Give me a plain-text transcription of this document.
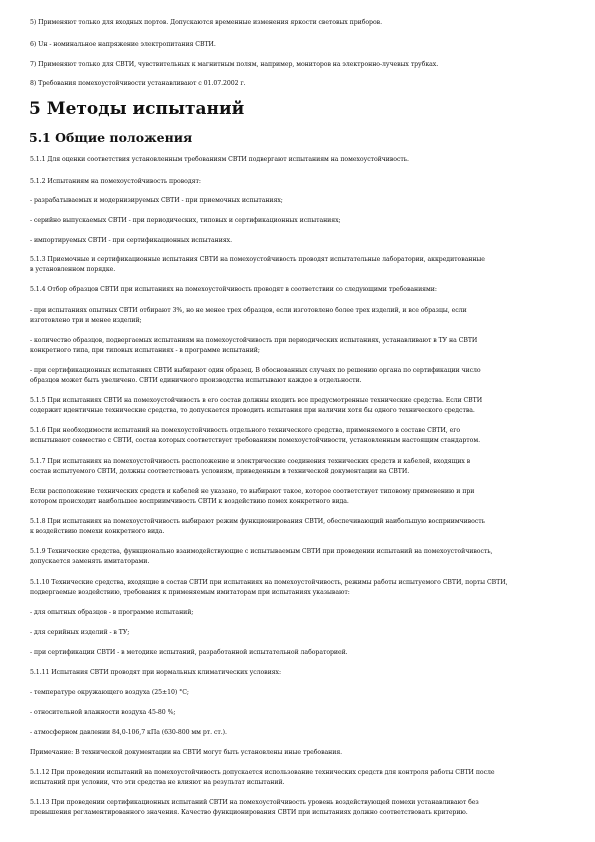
5) Применяют только для входных портов. Допускаются временные изменения яркости световых приборов.
6) Uн - номинальное напряжение электропитания СВТИ.
7) Применяют только для СВТИ, чувствительных к магнитным полям, например, мониторов на электронно-лучевых трубках.
8) Требования помехоустойчивости устанавливают с 01.07.2002 г.
5 Методы испытаний
5.1 Общие положения
5.1.1 Для оценки соответствия установленным требованиям СВТИ подвергают испытаниям на помехоустойчивость.
5.1.2 Испытаниям на помехоустойчивость проводят:
- разрабатываемых и модернизируемых СВТИ - при приемочных испытаниях;
- серийно выпускаемых СВТИ - при периодических, типовых и сертификационных испытаниях;
- импортируемых СВТИ - при сертификационных испытаниях.
5.1.3 Приемочные и сертификационные испытания СВТИ на помехоустойчивость проводят испытательные лаборатории, аккредитованные
в установленном порядке.
5.1.4 Отбор образцов СВТИ при испытаниях на помехоустойчивость проводят в соответствии со следующими требованиями:
- при испытаниях опытных СВТИ отбирают 3%, но не менее трех образцов, если изготовлено более трех изделий, и все образцы, если
изготовлено три и менее изделий;
- количество образцов, подвергаемых испытаниям на помехоустойчивость при периодических испытаниях, устанавливают в ТУ на СВТИ
конкретного типа, при типовых испытаниях - в программе испытаний;
- при сертификационных испытаниях СВТИ выбирают один образец. В обоснованных случаях по решению органа по сертификации число
образцов может быть увеличено. СВТИ единичного производства испытывают каждое в отдельности.
5.1.5 При испытаниях СВТИ на помехоустойчивость в его состав должны входить все предусмотренные технические средства. Если СВТИ
содержит идентичные технические средства, то допускается проводить испытания при наличии хотя бы одного технического средства.
5.1.6 При необходимости испытаний на помехоустойчивость отдельного технического средства, применяемого в составе СВТИ, его
испытывают совместно с СВТИ, состав которых соответствует требованиям помехоустойчивости, установленным настоящим стандартом.
5.1.7 При испытаниях на помехоустойчивость расположение и электрические соединения технических средств и кабелей, входящих в
состав испытуемого СВТИ, должны соответствовать условиям, приведенным в технической документации на СВТИ.
Если расположение технических средств и кабелей не указано, то выбирают такое, которое соответствует типовому применению и при
котором происходит наибольшее восприимчивость СВТИ к воздействию помех конкретного вида.
5.1.8 При испытаниях на помехоустойчивость выбирают режим функционирования СВТИ, обеспечивающий наибольшую восприимчивость
к воздействию помехи конкретного вида.
5.1.9 Технические средства, функционально взаимодействующие с испытываемым СВТИ при проведении испытаний на помехоустойчивость,
допускается заменять имитаторами.
5.1.10 Технические средства, входящие в состав СВТИ при испытаниях на помехоустойчивость, режимы работы испытуемого СВТИ, порты СВТИ,
подвергаемые воздействию, требования к применяемым имитаторам при испытаниях указывают:
- для опытных образцов - в программе испытаний;
- для серийных изделий - в ТУ;
- при сертификации СВТИ - в методике испытаний, разработанной испытательной лабораторией.
5.1.11 Испытания СВТИ проводят при нормальных климатических условиях:
- температуре окружающего воздуха (25±10) °С;
- относительной влажности воздуха 45-80 %;
- атмосферном давлении 84,0-106,7 кПа (630-800 мм рт. ст.).
Примечание: В технической документации на СВТИ могут быть установлены иные требования.
5.1.12 При проведении испытаний на помехоустойчивость допускается использование технических средств для контроля работы СВТИ после
испытаний при условии, что эти средства не влияют на результат испытаний.
5.1.13 При проведении сертификационных испытаний СВТИ на помехоустойчивость уровень воздействующей помехи устанавливают без
превышения регламентированного значения. Качество функционирования СВТИ при испытаниях должно соответствовать критерию.
